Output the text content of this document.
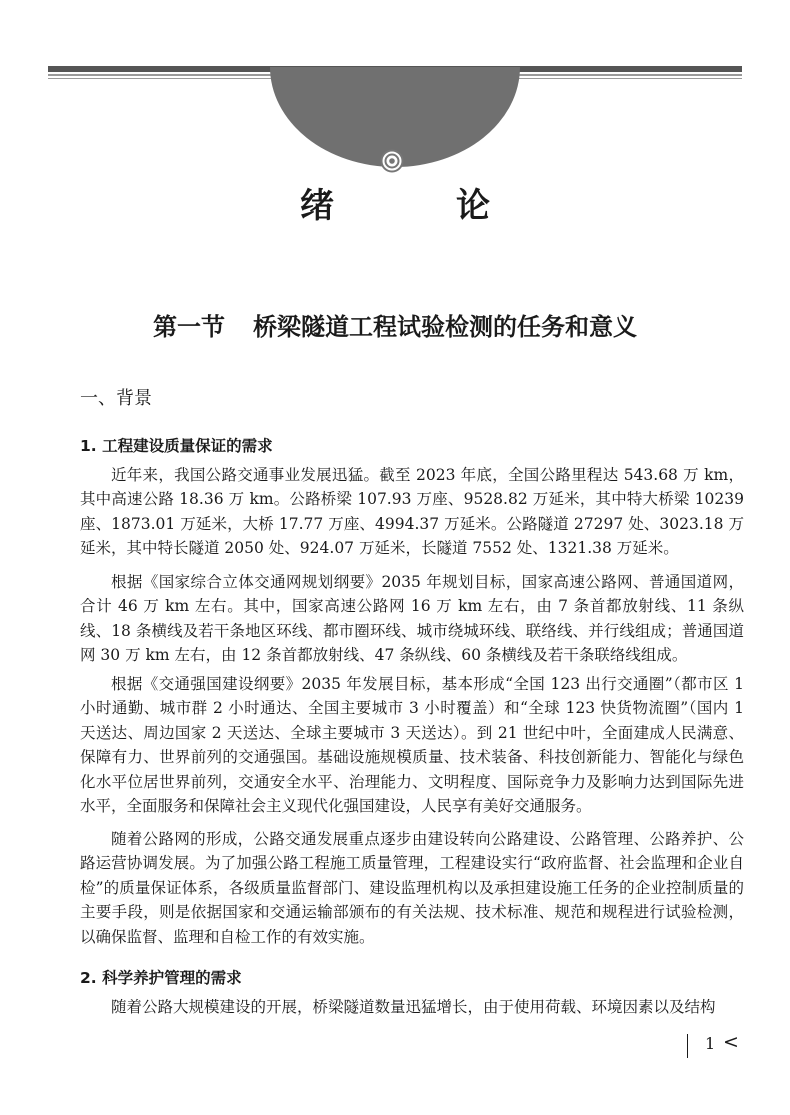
绪　论
第一节 桥梁隧道工程试验检测的任务和意义
一、背景
1. 工程建设质量保证的需求

近年来，我国公路交通事业发展迅猛。截至 2023 年底，全国公路里程达 543.68 万 km，其中高速公路 18.36 万 km。公路桥梁 107.93 万座、9528.82 万延米，其中特大桥梁 10239 座、1873.01 万延米，大桥 17.77 万座、4994.37 万延米。公路隧道 27297 处、3023.18 万延米，其中特长隧道 2050 处、924.07 万延米，长隧道 7552 处、1321.38 万延米。

根据《国家综合立体交通网规划纲要》2035 年规划目标，国家高速公路网、普通国道网，合计 46 万 km 左右。其中，国家高速公路网 16 万 km 左右，由 7 条首都放射线、11 条纵线、18 条横线及若干条地区环线、都市圈环线、城市绕城环线、联络线、并行线组成；普通国道网 30 万 km 左右，由 12 条首都放射线、47 条纵线、60 条横线及若干条联络线组成。

根据《交通强国建设纲要》2035 年发展目标，基本形成“全国 123 出行交通圈”（都市区 1 小时通勤、城市群 2 小时通达、全国主要城市 3 小时覆盖）和“全球 123 快货物流圈”（国内 1 天送达、周边国家 2 天送达、全球主要城市 3 天送达）。到 21 世纪中叶，全面建成人民满意、保障有力、世界前列的交通强国。基础设施规模质量、技术装备、科技创新能力、智能化与绿色化水平位居世界前列，交通安全水平、治理能力、文明程度、国际竞争力及影响力达到国际先进水平，全面服务和保障社会主义现代化强国建设，人民享有美好交通服务。

随着公路网的形成，公路交通发展重点逐步由建设转向公路建设、公路管理、公路养护、公路运营协调发展。为了加强公路工程施工质量管理，工程建设实行“政府监督、社会监理和企业自检”的质量保证体系，各级质量监督部门、建设监理机构以及承担建设施工任务的企业控制质量的主要手段，则是依据国家和交通运输部颁布的有关法规、技术标准、规范和规程进行试验检测，以确保监督、监理和自检工作的有效实施。

2. 科学养护管理的需求

随着公路大规模建设的开展，桥梁隧道数量迅猛增长，由于使用荷载、环境因素以及结构

1 <
